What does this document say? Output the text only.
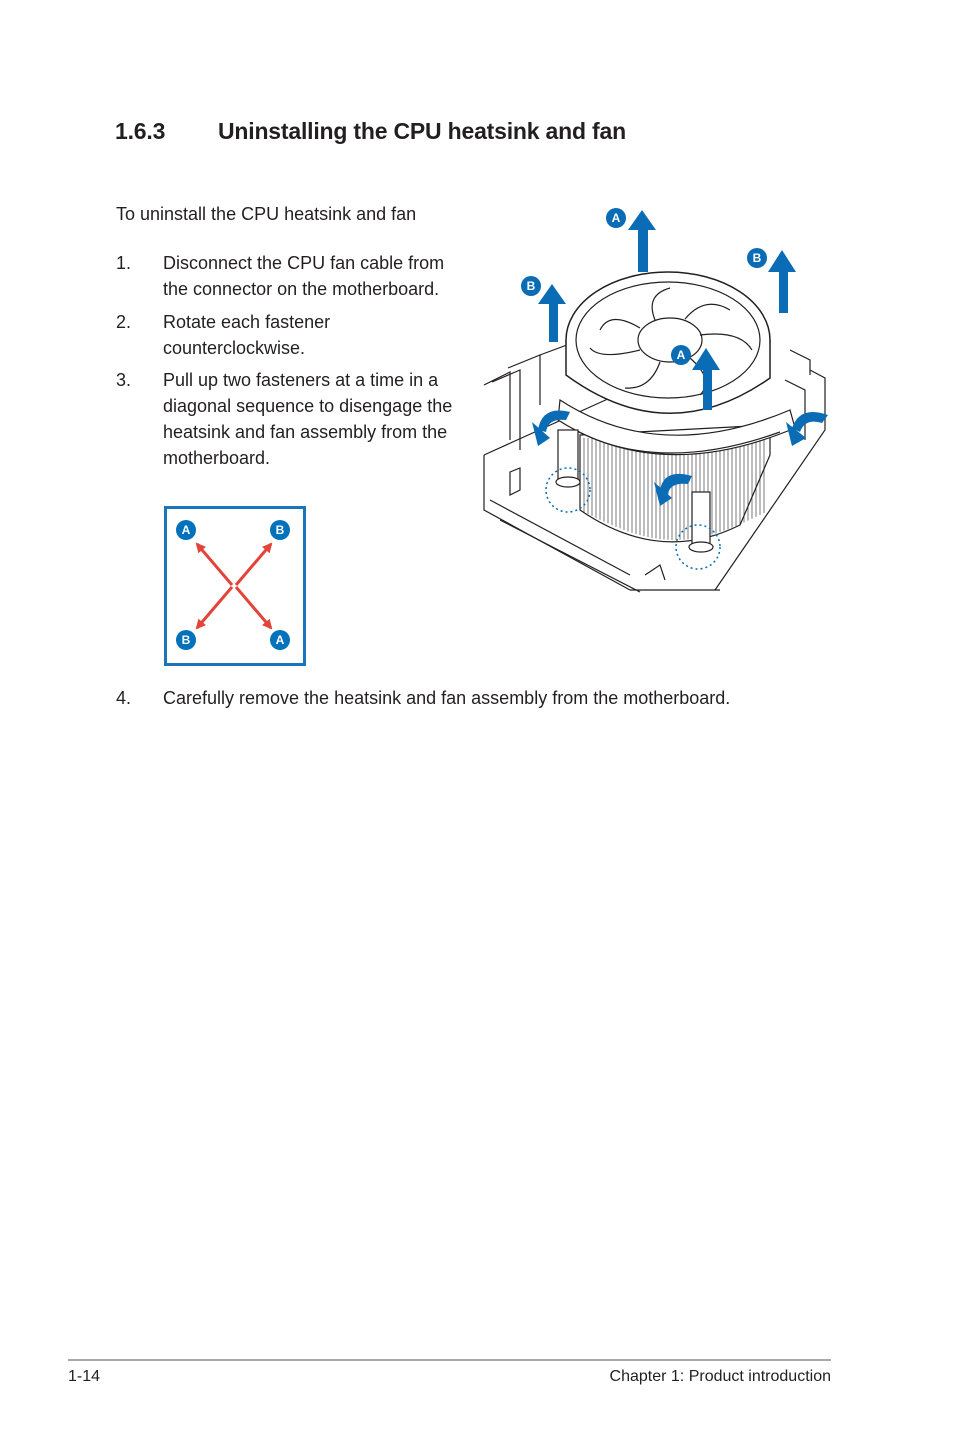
1.6.3 Uninstalling the CPU heatsink and fan
To uninstall the CPU heatsink and fan
1. Disconnect the CPU fan cable from
the connector on the motherboard.
2. Rotate each fastener
counterclockwise.
3. Pull up two fasteners at a time in a
diagonal sequence to disengage the
heatsink and fan assembly from the
motherboard.
A	B
B	A
A
B
B
A
4. Carefully remove the heatsink and fan assembly from the motherboard.
1-14	Chapter 1: Product introduction
